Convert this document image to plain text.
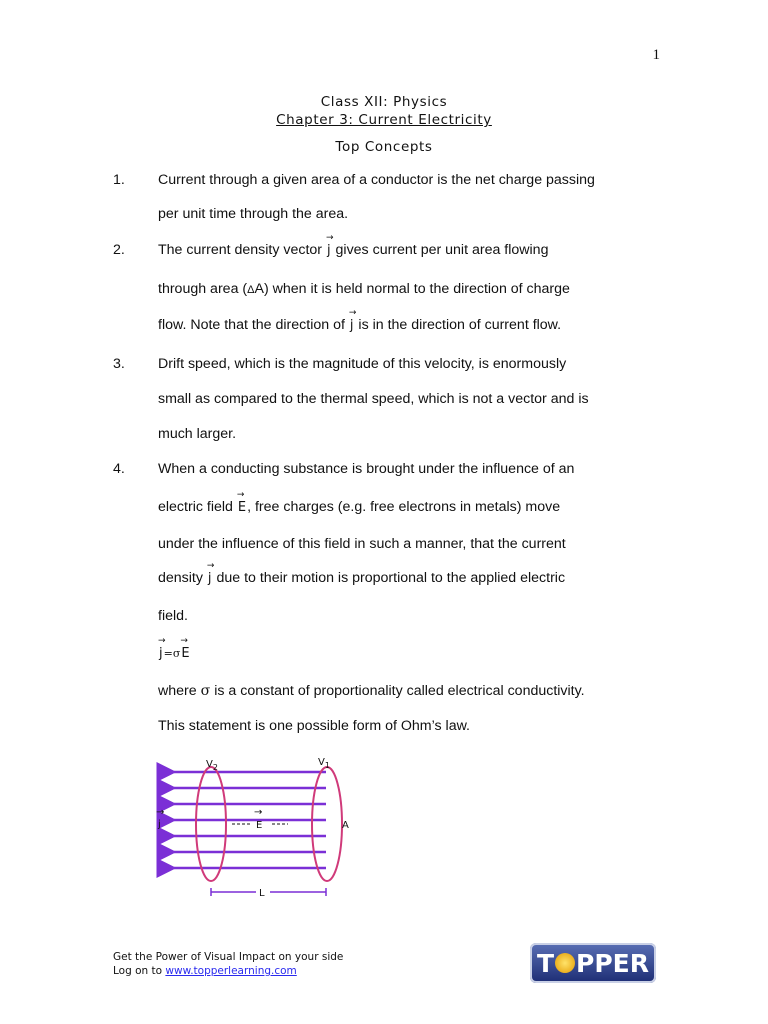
1
Class XII: Physics
Chapter 3: Current Electricity
Top Concepts
1. Current through a given area of a conductor is the net charge passing
per unit time through the area.
2. The current density vector → j gives current per unit area flowing
through area (ΔA) when it is held normal to the direction of charge
flow. Note that the direction of → j is in the direction of current flow.
3. Drift speed, which is the magnitude of this velocity, is enormously
small as compared to the thermal speed, which is not a vector and is
much larger.
4. When a conducting substance is brought under the influence of an
electric field → E, free charges (e.g. free electrons in metals) move
under the influence of this field in such a manner, that the current
density → j due to their motion is proportional to the applied electric
field.
→ j=σ→ E
where σ is a constant of proportionality called electrical conductivity.
This statement is one possible form of Ohm’s law.
$V_2$	$V_1$
j
→
E
→
A
L
Get the Power of Visual Impact on your side
Log on to www.topperlearning.com	T PPER
